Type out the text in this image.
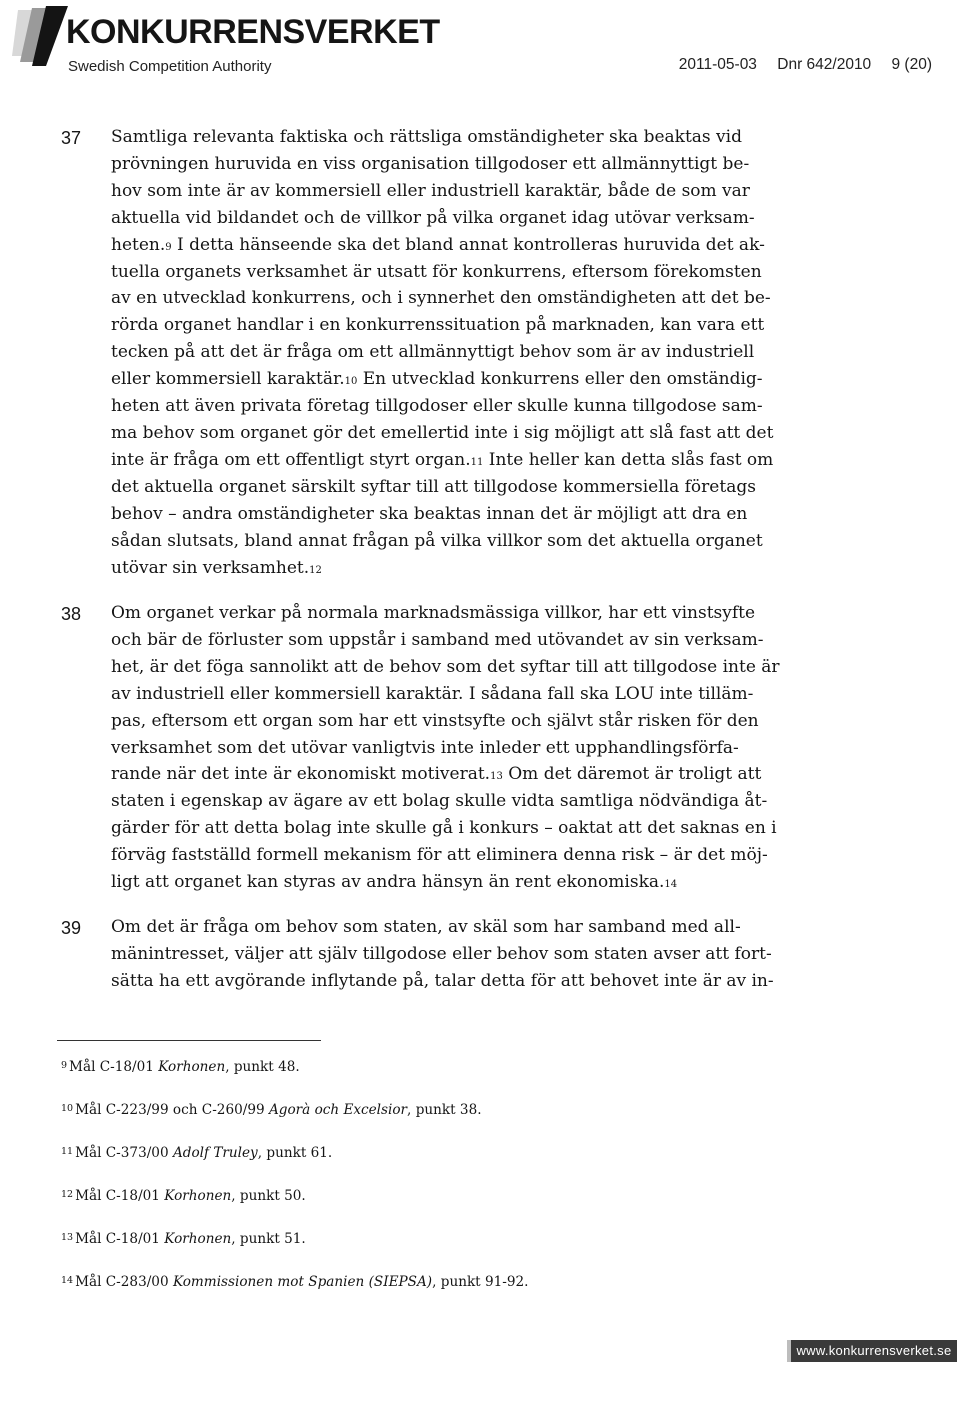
KONKURRENSVERKET
Swedish Competition Authority	2011-05-03 Dnr 642/2010 9 (20)
37 Samtliga relevanta faktiska och rättsliga omständigheter ska beaktas vid
prövningen huruvida en viss organisation tillgodoser ett allmännyttigt be-
hov som inte är av kommersiell eller industriell karaktär, både de som var
aktuella vid bildandet och de villkor på vilka organet idag utövar verksam-
heten.$^9$ I detta hänseende ska det bland annat kontrolleras huruvida det ak-
tuella organets verksamhet är utsatt för konkurrens, eftersom förekomsten
av en utvecklad konkurrens, och i synnerhet den omständigheten att det be-
rörda organet handlar i en konkurrenssituation på marknaden, kan vara ett
tecken på att det är fråga om ett allmännyttigt behov som är av industriell
eller kommersiell karaktär.$^{10}$ En utvecklad konkurrens eller den omständig-
heten att även privata företag tillgodoser eller skulle kunna tillgodose sam-
ma behov som organet gör det emellertid inte i sig möjligt att slå fast att det
inte är fråga om ett offentligt styrt organ.$^{11}$ Inte heller kan detta slås fast om
det aktuella organet särskilt syftar till att tillgodose kommersiella företags
behov – andra omständigheter ska beaktas innan det är möjligt att dra en
sådan slutsats, bland annat frågan på vilka villkor som det aktuella organet
utövar sin verksamhet.$^{12}$

38 Om organet verkar på normala marknadsmässiga villkor, har ett vinstsyfte
och bär de förluster som uppstår i samband med utövandet av sin verksam-
het, är det föga sannolikt att de behov som det syftar till att tillgodose inte är
av industriell eller kommersiell karaktär. I sådana fall ska LOU inte tilläm-
pas, eftersom ett organ som har ett vinstsyfte och självt står risken för den
verksamhet som det utövar vanligtvis inte inleder ett upphandlingsförfa-
rande när det inte är ekonomiskt motiverat.$^{13}$ Om det däremot är troligt att
staten i egenskap av ägare av ett bolag skulle vidta samtliga nödvändiga åt-
gärder för att detta bolag inte skulle gå i konkurs – oaktat att det saknas en i
förväg fastställd formell mekanism för att eliminera denna risk – är det möj-
ligt att organet kan styras av andra hänsyn än rent ekonomiska.$^{14}$

39 Om det är fråga om behov som staten, av skäl som har samband med all-
mänintresset, väljer att själv tillgodose eller behov som staten avser att fort-
sätta ha ett avgörande inflytande på, talar detta för att behovet inte är av in-

$^9$ Mål C-18/01 Korhonen, punkt 48.
$^{10}$ Mål C-223/99 och C-260/99 Agorà och Excelsior, punkt 38.
$^{11}$ Mål C-373/00 Adolf Truley, punkt 61.
$^{12}$ Mål C-18/01 Korhonen, punkt 50.
$^{13}$ Mål C-18/01 Korhonen, punkt 51.
$^{14}$ Mål C-283/00 Kommissionen mot Spanien (SIEPSA), punkt 91-92.
www.konkurrensverket.se
